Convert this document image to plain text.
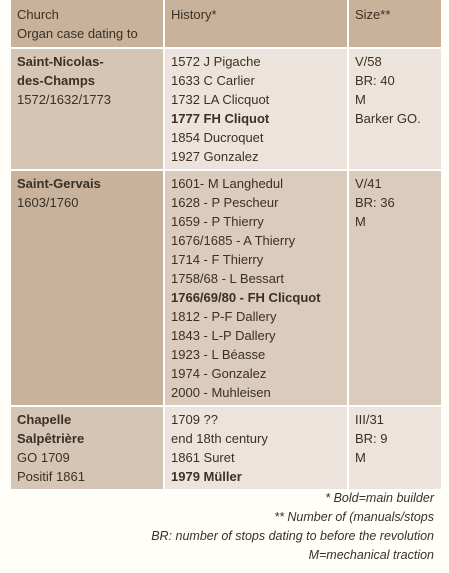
Church
Organ case dating to
History*	Size**
Saint-Nicolas-
des-Champs
1572/1632/1773
1572 J Pigache
1633 C Carlier
1732 LA Clicquot
1777 FH Cliquot
1854 Ducroquet
1927 Gonzalez
V/58
BR: 40
M
Barker GO.
Saint-Gervais
1603/1760
1601- M Langhedul
1628 - P Pescheur
1659 - P Thierry
1676/1685 - A Thierry
1714 - F Thierry
1758/68 - L Bessart
1766/69/80 - FH Clicquot
1812 - P-F Dallery
1843 - L-P Dallery
1923 - L Béasse
1974 - Gonzalez
2000 - Muhleisen
V/41
BR: 36
M
Chapelle
Salpêtrière
GO 1709
Positif 1861
1709 ??
end 18th century
1861 Suret
1979 Müller
III/31
BR: 9
M
* Bold=main builder
** Number of (manuals/stops
BR: number of stops dating to before the revolution
M=mechanical traction
